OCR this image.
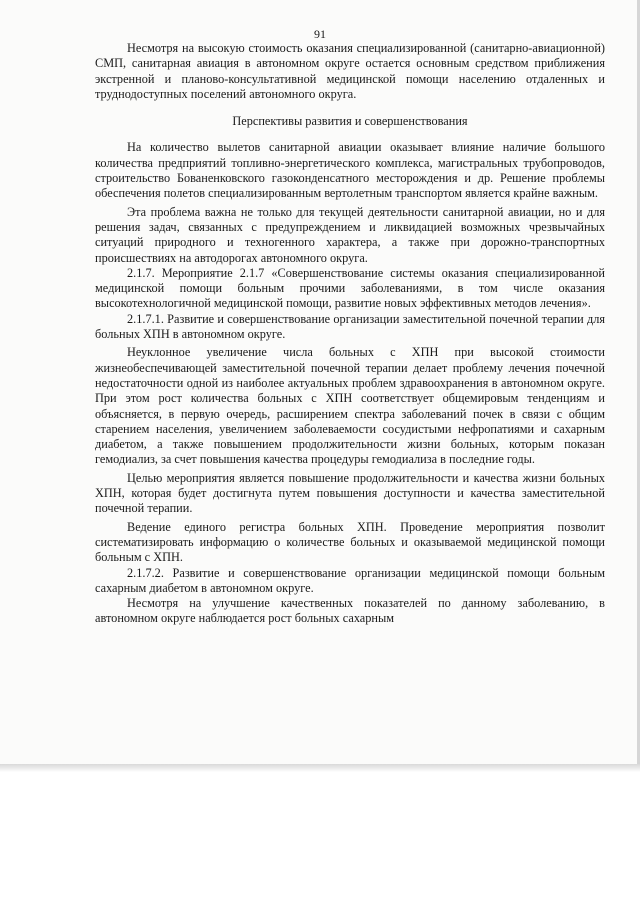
91

Несмотря на высокую стоимость оказания специализированной (санитарно-авиационной) СМП, санитарная авиация в автономном округе остается основным средством приближения экстренной и планово-консультативной медицинской помощи населению отдаленных и труднодоступных поселений автономного округа.

Перспективы развития и совершенствования

На количество вылетов санитарной авиации оказывает влияние наличие большого количества предприятий топливно-энергетического комплекса, магистральных трубопроводов, строительство Бованенковского газоконденсатного месторождения и др. Решение проблемы обеспечения полетов специализированным вертолетным транспортом является крайне важным.

Эта проблема важна не только для текущей деятельности санитарной авиации, но и для решения задач, связанных с предупреждением и ликвидацией возможных чрезвычайных ситуаций природного и техногенного характера, а также при дорожно-транспортных происшествиях на автодорогах автономного округа.

2.1.7. Мероприятие 2.1.7 «Совершенствование системы оказания специализированной медицинской помощи больным прочими заболеваниями, в том числе оказания высокотехнологичной медицинской помощи, развитие новых эффективных методов лечения».

2.1.7.1. Развитие и совершенствование организации заместительной почечной терапии для больных ХПН в автономном округе.

Неуклонное увеличение числа больных с ХПН при высокой стоимости жизнеобеспечивающей заместительной почечной терапии делает проблему лечения почечной недостаточности одной из наиболее актуальных проблем здравоохранения в автономном округе. При этом рост количества больных с ХПН соответствует общемировым тенденциям и объясняется, в первую очередь, расширением спектра заболеваний почек в связи с общим старением населения, увеличением заболеваемости сосудистыми нефропатиями и сахарным диабетом, а также повышением продолжительности жизни больных, которым показан гемодиализ, за счет повышения качества процедуры гемодиализа в последние годы.

Целью мероприятия является повышение продолжительности и качества жизни больных ХПН, которая будет достигнута путем повышения доступности и качества заместительной почечной терапии.

Ведение единого регистра больных ХПН. Проведение мероприятия позволит систематизировать информацию о количестве больных и оказываемой медицинской помощи больным с ХПН.

2.1.7.2. Развитие и совершенствование организации медицинской помощи больным сахарным диабетом в автономном округе.

Несмотря на улучшение качественных показателей по данному заболеванию, в автономном округе наблюдается рост больных сахарным
